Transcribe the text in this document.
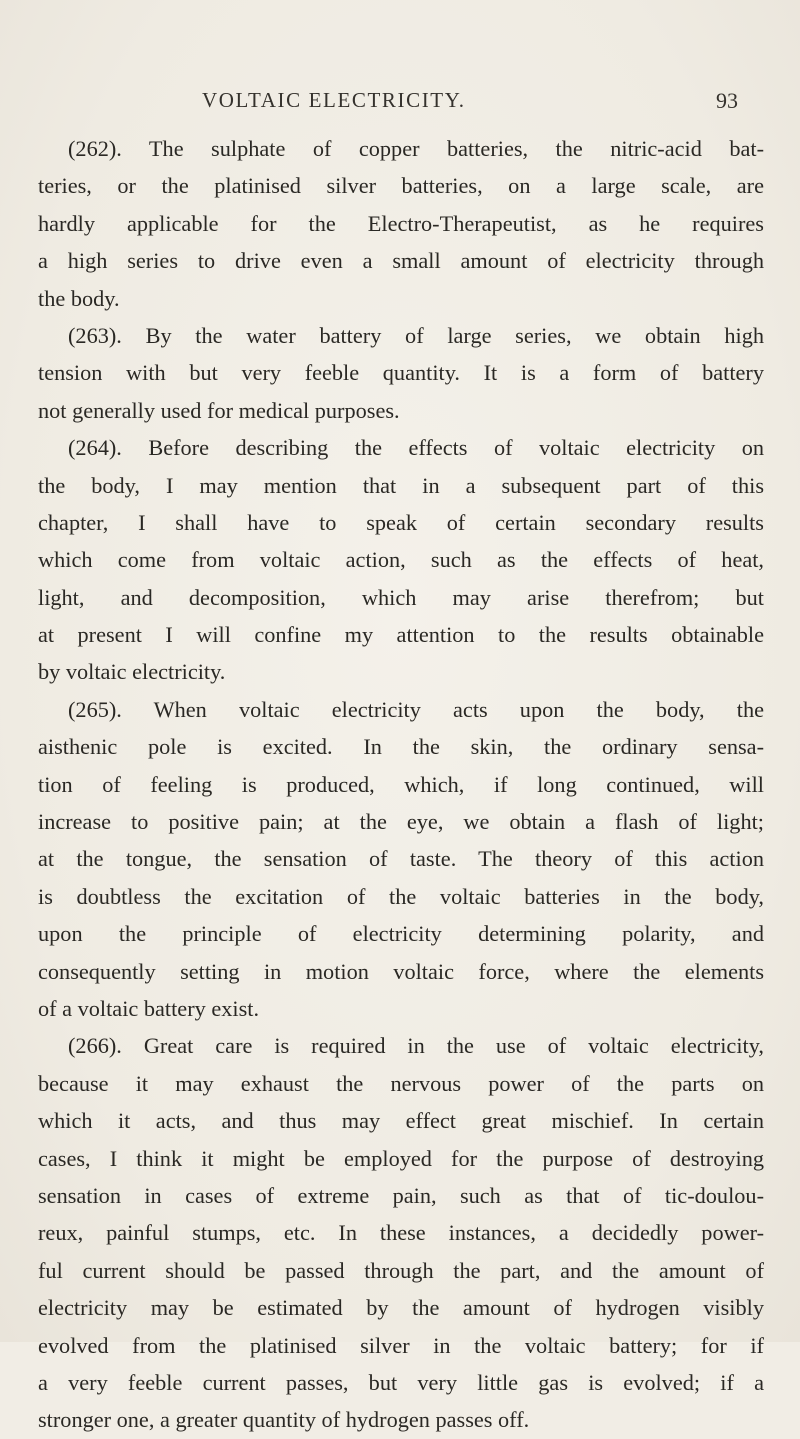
VOLTAIC ELECTRICITY.	93
(262). The sulphate of copper batteries, the nitric-acid bat-
teries, or the platinised silver batteries, on a large scale, are
hardly applicable for the Electro-Therapeutist, as he requires
a high series to drive even a small amount of electricity through
the body.
(263). By the water battery of large series, we obtain high
tension with but very feeble quantity. It is a form of battery
not generally used for medical purposes.
(264). Before describing the effects of voltaic electricity on
the body, I may mention that in a subsequent part of this
chapter, I shall have to speak of certain secondary results
which come from voltaic action, such as the effects of heat,
light, and decomposition, which may arise therefrom; but
at present I will confine my attention to the results obtainable
by voltaic electricity.
(265). When voltaic electricity acts upon the body, the
aisthenic pole is excited. In the skin, the ordinary sensa-
tion of feeling is produced, which, if long continued, will
increase to positive pain; at the eye, we obtain a flash of light;
at the tongue, the sensation of taste. The theory of this action
is doubtless the excitation of the voltaic batteries in the body,
upon the principle of electricity determining polarity, and
consequently setting in motion voltaic force, where the elements
of a voltaic battery exist.
(266). Great care is required in the use of voltaic electricity,
because it may exhaust the nervous power of the parts on
which it acts, and thus may effect great mischief. In certain
cases, I think it might be employed for the purpose of destroying
sensation in cases of extreme pain, such as that of tic-doulou-
reux, painful stumps, etc. In these instances, a decidedly power-
ful current should be passed through the part, and the amount of
electricity may be estimated by the amount of hydrogen visibly
evolved from the platinised silver in the voltaic battery; for if
a very feeble current passes, but very little gas is evolved; if a
stronger one, a greater quantity of hydrogen passes off.
